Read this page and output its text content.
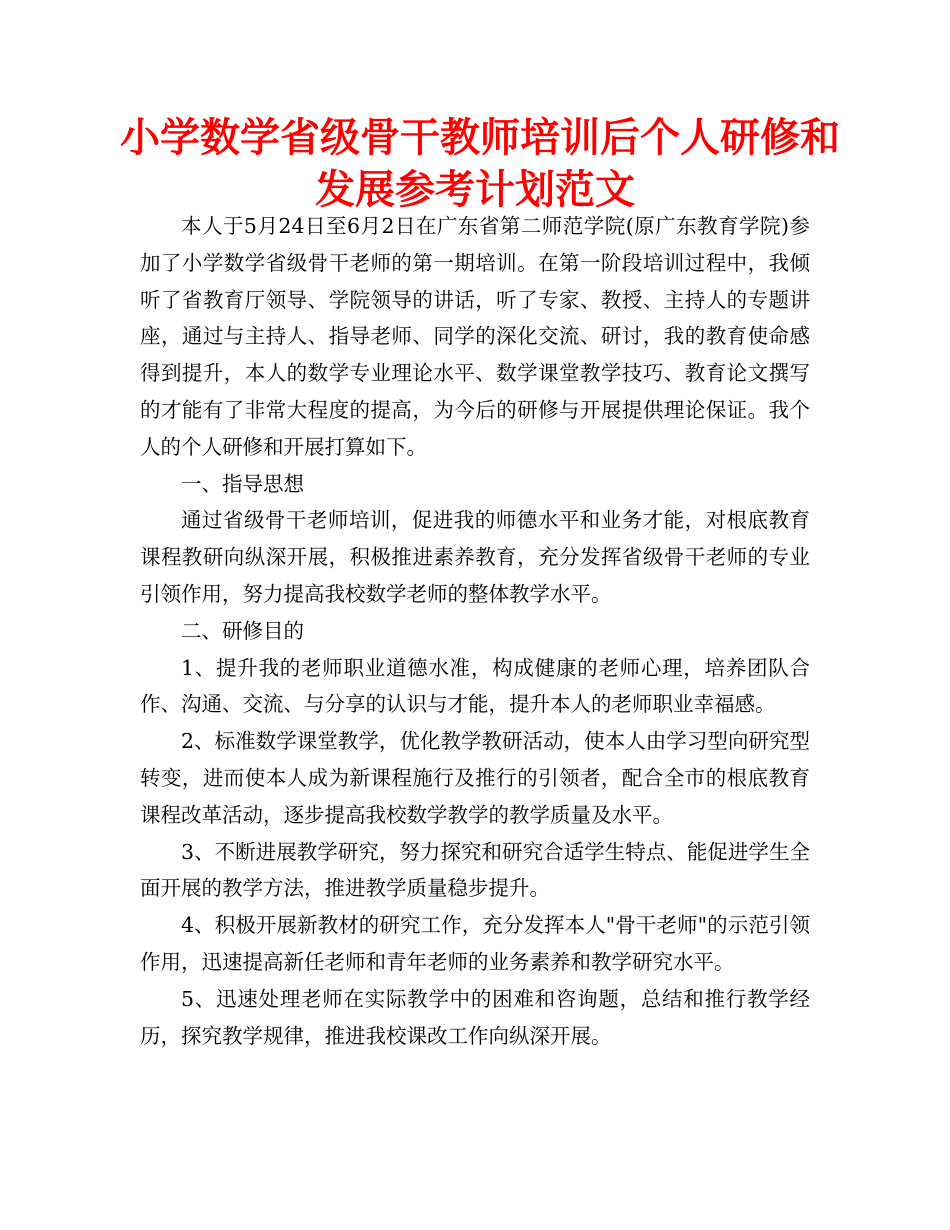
小学数学省级骨干教师培训后个人研修和
发展参考计划范文

本人于5月24日至6月2日在广东省第二师范学院(原广东教育学院)参加了小学数学省级骨干老师的第一期培训。在第一阶段培训过程中，我倾听了省教育厅领导、学院领导的讲话，听了专家、教授、主持人的专题讲座，通过与主持人、指导老师、同学的深化交流、研讨，我的教育使命感得到提升，本人的数学专业理论水平、数学课堂教学技巧、教育论文撰写的才能有了非常大程度的提高，为今后的研修与开展提供理论保证。我个人的个人研修和开展打算如下。

一、指导思想

通过省级骨干老师培训，促进我的师德水平和业务才能，对根底教育课程教研向纵深开展，积极推进素养教育，充分发挥省级骨干老师的专业引领作用，努力提高我校数学老师的整体教学水平。

二、研修目的

1、提升我的老师职业道德水准，构成健康的老师心理，培养团队合作、沟通、交流、与分享的认识与才能，提升本人的老师职业幸福感。

2、标准数学课堂教学，优化教学教研活动，使本人由学习型向研究型转变，进而使本人成为新课程施行及推行的引领者，配合全市的根底教育课程改革活动，逐步提高我校数学教学的教学质量及水平。

3、不断进展教学研究，努力探究和研究合适学生特点、能促进学生全面开展的教学方法，推进教学质量稳步提升。

4、积极开展新教材的研究工作，充分发挥本人"骨干老师"的示范引领作用，迅速提高新任老师和青年老师的业务素养和教学研究水平。

5、迅速处理老师在实际教学中的困难和咨询题，总结和推行教学经历，探究教学规律，推进我校课改工作向纵深开展。
